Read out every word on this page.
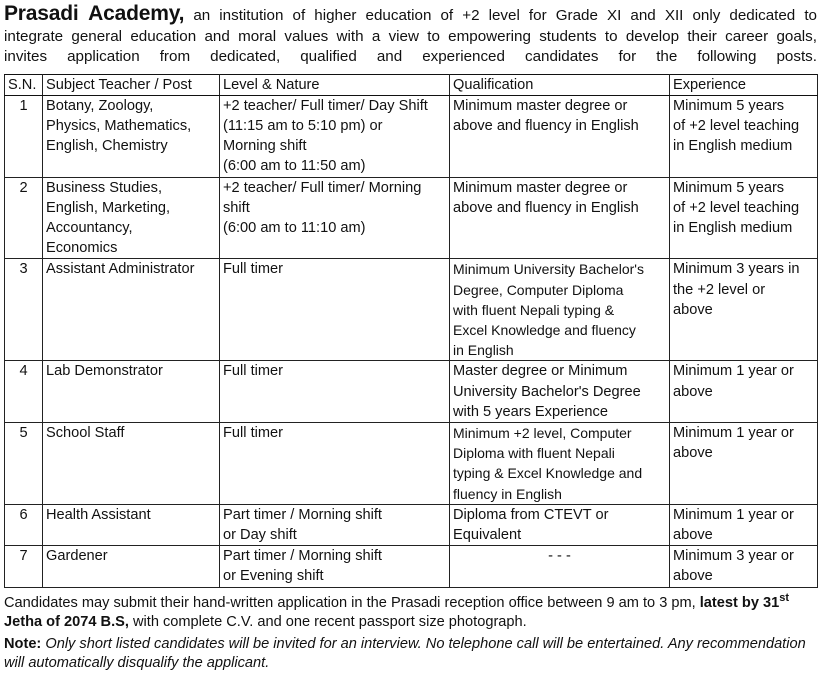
Prasadi Academy, an institution of higher education of +2 level for Grade XI and XII only dedicated to
integrate general education and moral values with a view to empowering students to develop their career goals,
invites application from dedicated, qualified and experienced candidates for the following posts.
S.N.	Subject Teacher / Post	Level & Nature	Qualification	Experience
1	Botany, Zoology,
Physics, Mathematics,
English, Chemistry	+2 teacher/ Full timer/ Day Shift
(11:15 am to 5:10 pm) or
Morning shift
(6:00 am to 11:50 am)	Minimum master degree or
above and fluency in English	Minimum 5 years
of +2 level teaching
in English medium
2	Business Studies,
English, Marketing,
Accountancy,
Economics	+2 teacher/ Full timer/ Morning
shift
(6:00 am to 11:10 am)	Minimum master degree or
above and fluency in English	Minimum 5 years
of +2 level teaching
in English medium
3	Assistant Administrator	Full timer	Minimum University Bachelor's
Degree, Computer Diploma
with fluent Nepali typing &
Excel Knowledge and fluency
in English	Minimum 3 years in
the +2 level or
above
4	Lab Demonstrator	Full timer	Master degree or Minimum
University Bachelor's Degree
with 5 years Experience	Minimum 1 year or
above
5	School Staff	Full timer	Minimum +2 level, Computer
Diploma with fluent Nepali
typing & Excel Knowledge and
fluency in English	Minimum 1 year or
above
6	Health Assistant	Part timer / Morning shift
or Day shift	Diploma from CTEVT or
Equivalent	Minimum 1 year or
above
7	Gardener	Part timer / Morning shift
or Evening shift	- - -	Minimum 3 year or
above
Candidates may submit their hand-written application in the Prasadi reception office between 9 am to 3 pm, latest by 31st Jetha of 2074 B.S, with complete C.V. and one recent passport size photograph.
Note: Only short listed candidates will be invited for an interview. No telephone call will be entertained. Any recommendation will automatically disqualify the applicant.
